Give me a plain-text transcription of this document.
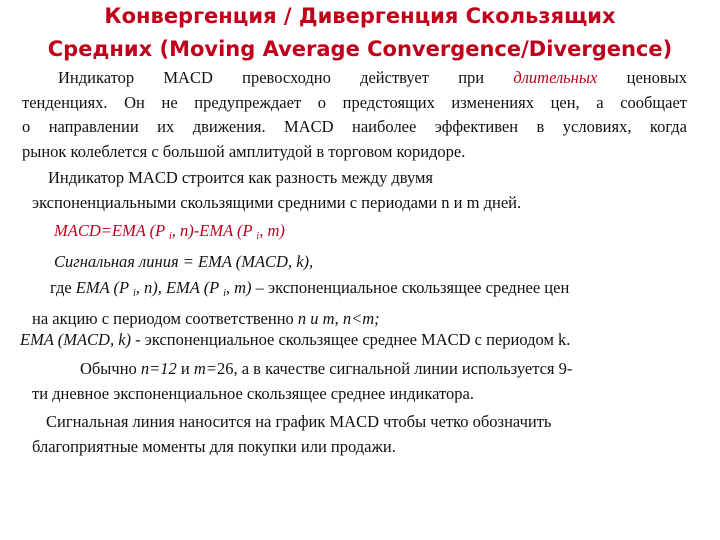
Конвергенция / Дивергенция Скользящих
Средних (Moving Average Convergence/Divergence)
Индикатор МACD превосходно действует при длительных ценовых
тенденциях. Он не предупреждает о предстоящих изменениях цен, а сообщает
о направлении их движения. МACD наиболее эффективен в условиях, когда
рынок колеблется с большой амплитудой в торговом коридоре.
Индикатор MACD строится как разность между двумя
экспоненциальными скользящими средними с периодами n и m дней.
MACD=EMA (P $_i$, n)-EMA (P $_i$, m)
Сигнальная линия = EMA (MACD, k),
где EMA (P $_i$, n), EMA (P $_i$, m) – экспоненциальное скользящее среднее цен
на акцию с периодом соответственно n и m, n<m;
EMA (MACD, k) - экспоненциальное скользящее среднее MACD с периодом k.
Обычно n=12 и m=26, а в качестве сигнальной линии используется 9-
ти дневное экспоненциальное скользящее среднее индикатора.
Сигнальная линия наносится на график MACD чтобы четко обозначить
благоприятные моменты для покупки или продажи.
